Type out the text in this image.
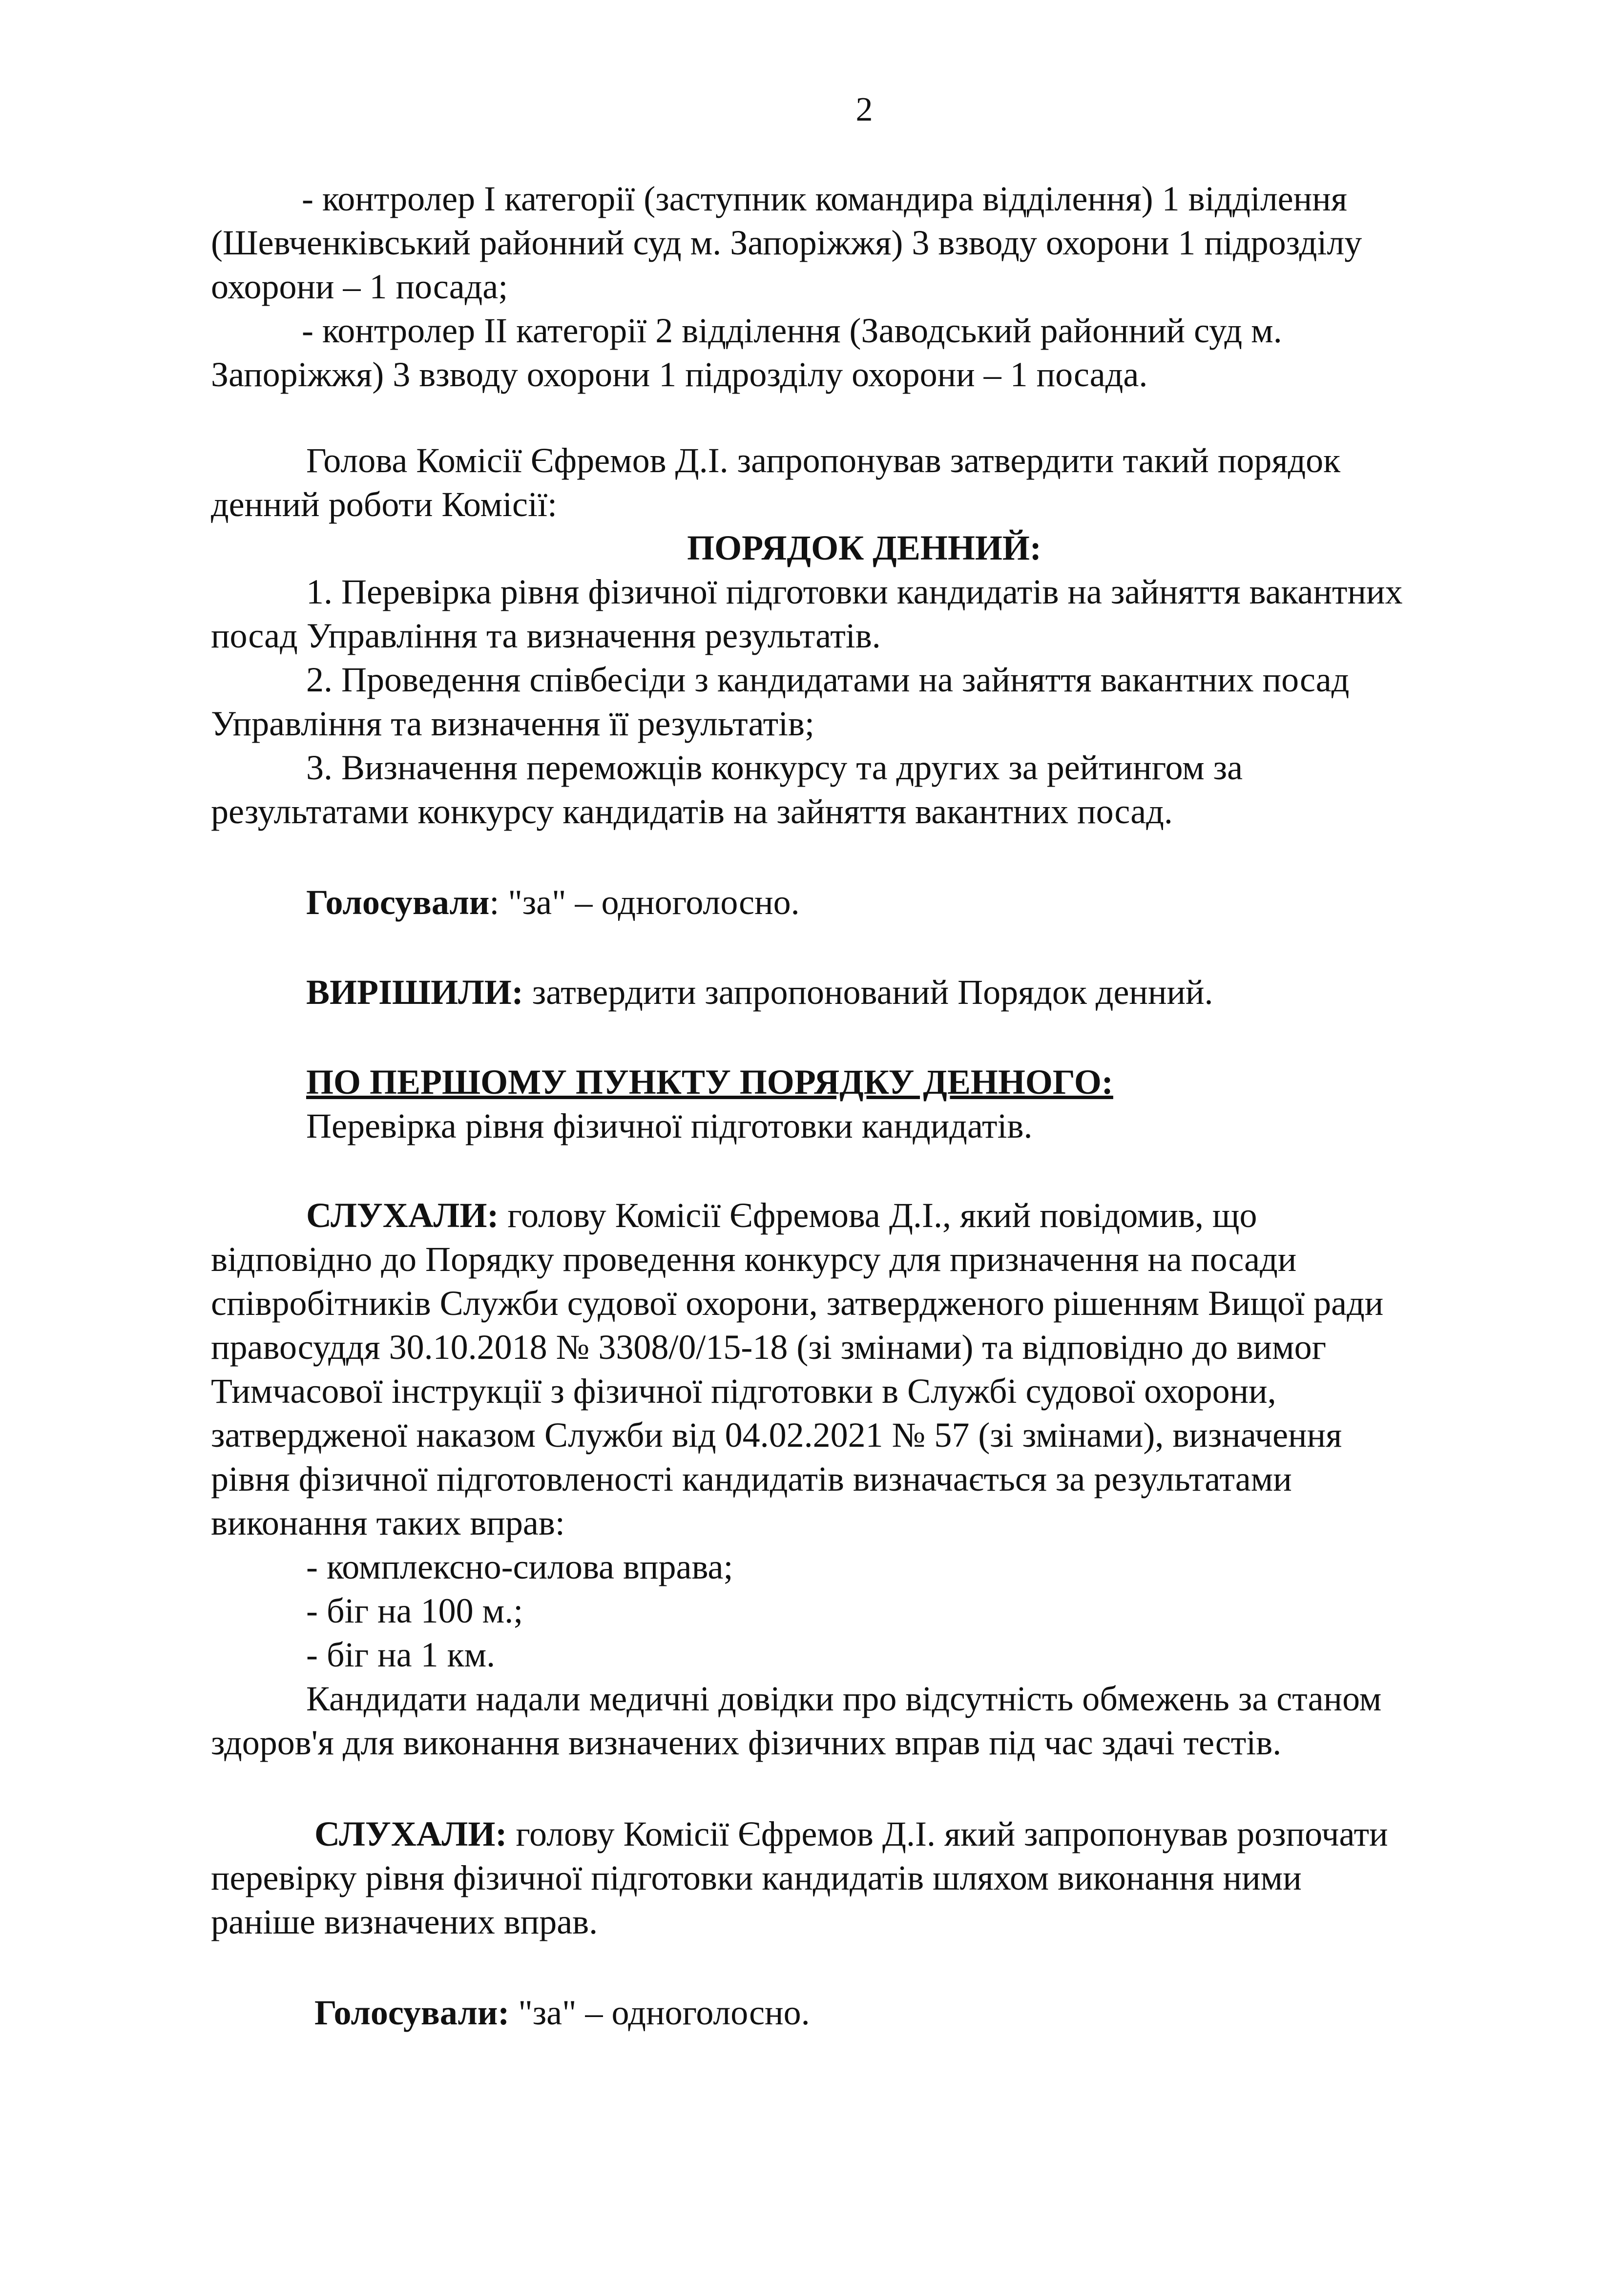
2
- контролер І категорії (заступник командира відділення) 1 відділення
(Шевченківський районний суд м. Запоріжжя) 3 взводу охорони 1 підрозділу
охорони – 1 посада;
- контролер ІІ категорії 2 відділення (Заводський районний суд м.
Запоріжжя) 3 взводу охорони 1 підрозділу охорони – 1 посада.
Голова Комісії Єфремов Д.І. запропонував затвердити такий порядок
денний роботи Комісії:
ПОРЯДОК ДЕННИЙ:
1. Перевірка рівня фізичної підготовки кандидатів на зайняття вакантних
посад Управління та визначення результатів.
2. Проведення співбесіди з кандидатами на зайняття вакантних посад
Управління та визначення її результатів;
3. Визначення переможців конкурсу та других за рейтингом за
результатами конкурсу кандидатів на зайняття вакантних посад.
Голосували: "за" – одноголосно.
ВИРІШИЛИ: затвердити запропонований Порядок денний.
ПО ПЕРШОМУ ПУНКТУ ПОРЯДКУ ДЕННОГО:
Перевірка рівня фізичної підготовки кандидатів.
СЛУХАЛИ: голову Комісії Єфремова Д.І., який повідомив, що
відповідно до Порядку проведення конкурсу для призначення на посади
співробітників Служби судової охорони, затвердженого рішенням Вищої ради
правосуддя 30.10.2018 № 3308/0/15-18 (зі змінами) та відповідно до вимог
Тимчасової інструкції з фізичної підготовки в Службі судової охорони,
затвердженої наказом Служби від 04.02.2021 № 57 (зі змінами), визначення
рівня фізичної підготовленості кандидатів визначається за результатами
виконання таких вправ:
- комплексно-силова вправа;
- біг на 100 м.;
- біг на 1 км.
Кандидати надали медичні довідки про відсутність обмежень за станом
здоров'я для виконання визначених фізичних вправ під час здачі тестів.
СЛУХАЛИ: голову Комісії Єфремов Д.І. який запропонував розпочати
перевірку рівня фізичної підготовки кандидатів шляхом виконання ними
раніше визначених вправ.
Голосували: "за" – одноголосно.
